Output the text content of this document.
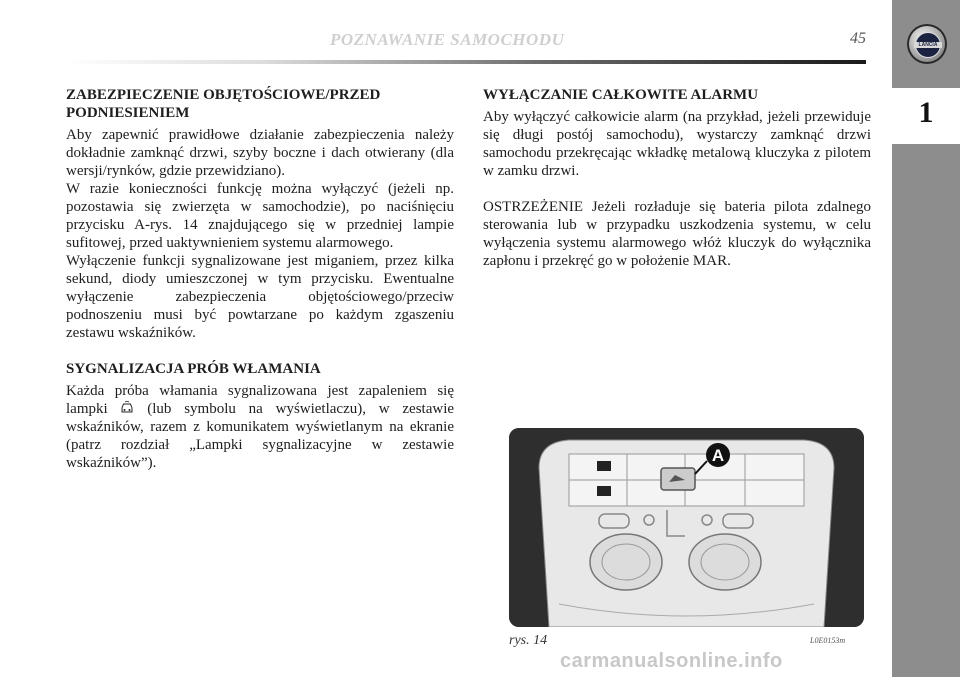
POZNAWANIE SAMOCHODU	45	LANCIA
1

ZABEZPIECZENIE OBJĘTOŚCIOWE/PRZED PODNIESIENIEM

Aby zapewnić prawidłowe działanie zabezpieczenia należy dokładnie zamknąć drzwi, szyby boczne i dach otwierany (dla wersji/rynków, gdzie przewidziano).

W razie konieczności funkcję można wyłączyć (jeżeli np. pozostawia się zwierzęta w samochodzie), po naciśnięciu przycisku A-rys. 14 znajdującego się w przedniej lampie sufitowej, przed uaktywnieniem systemu alarmowego.

Wyłączenie funkcji sygnalizowane jest miganiem, przez kilka sekund, diody umieszczonej w tym przycisku. Ewentualne wyłączenie zabezpieczenia objętościowego/przeciw podnoszeniu musi być powtarzane po każdym zgaszeniu zestawu wskaźników.

SYGNALIZACJA PRÓB WŁAMANIA

Każda próba włamania sygnalizowana jest zapaleniem się lampki	(lub symbolu na wyświetlaczu), w zestawie wskaźników, razem z komunikatem wyświetlanym na ekranie (patrz rozdział „Lampki sygnalizacyjne w zestawie wskaźników”).

WYŁĄCZANIE CAŁKOWITE ALARMU

Aby wyłączyć całkowicie alarm (na przykład, jeżeli przewiduje się długi postój samochodu), wystarczy zamknąć drzwi samochodu przekręcając wkładkę metalową kluczyka z pilotem w zamku drzwi.

OSTRZEŻENIE Jeżeli rozładuje się bateria pilota zdalnego sterowania lub w przypadku uszkodzenia systemu, w celu wyłączenia systemu alarmowego włóż kluczyk do wyłącznika zapłonu i przekręć go w położenie MAR.

A
rys. 14	L0E0153m
carmanualsonline.info
